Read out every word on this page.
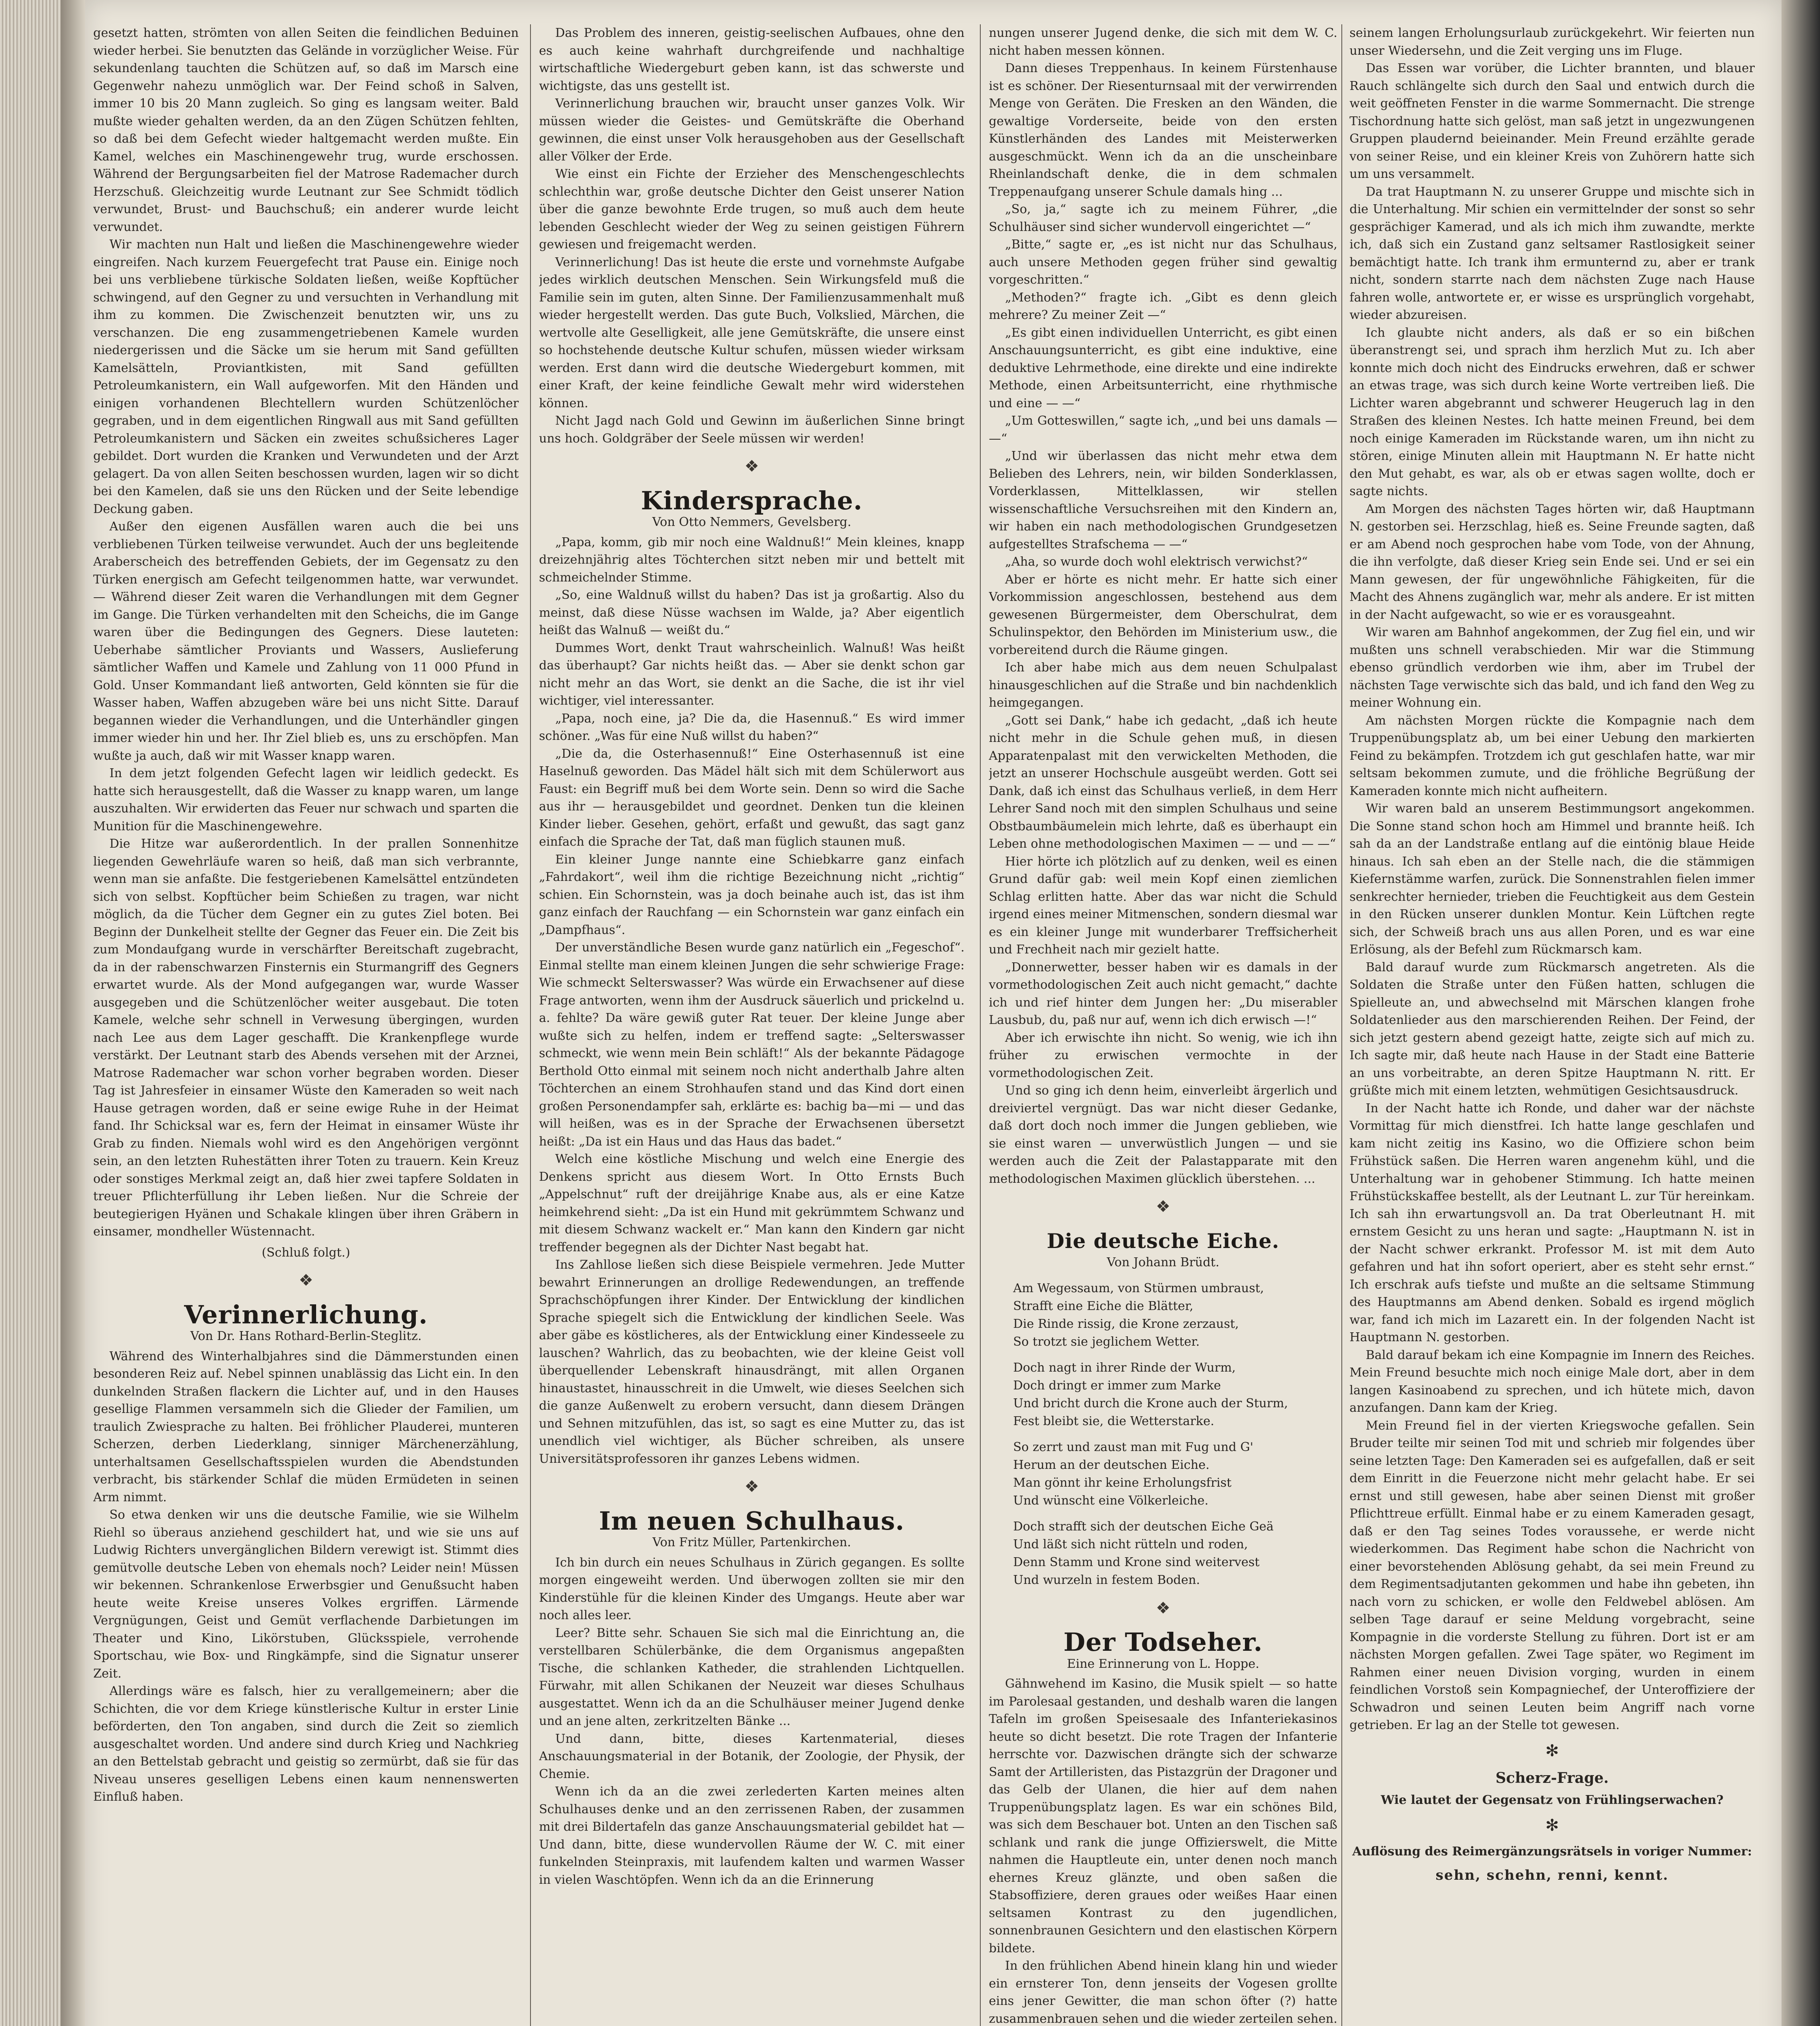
gesetzt hatten, strömten von allen Seiten die feindlichen Beduinen wieder herbei. Sie benutzten das Gelände in vorzüglicher Weise. Für sekundenlang tauchten die Schützen auf, so daß im Marsch eine Gegenwehr nahezu unmöglich war. Der Feind schoß in Salven, immer 10 bis 20 Mann zugleich. So ging es langsam weiter. Bald mußte wieder gehalten werden, da an den Zügen Schützen fehlten, so daß bei dem Gefecht wieder haltgemacht werden mußte. Ein Kamel, welches ein Maschinengewehr trug, wurde erschossen. Während der Bergungsarbeiten fiel der Matrose Rademacher durch Herzschuß. Gleichzeitig wurde Leutnant zur See Schmidt tödlich verwundet, Brust- und Bauchschuß; ein anderer wurde leicht verwundet.

Wir machten nun Halt und ließen die Maschinengewehre wieder eingreifen. Nach kurzem Feuergefecht trat Pause ein. Einige noch bei uns verbliebene türkische Soldaten ließen, weiße Kopftücher schwingend, auf den Gegner zu und versuchten in Verhandlung mit ihm zu kommen. Die Zwischenzeit benutzten wir, uns zu verschanzen. Die eng zusammengetriebenen Kamele wurden niedergerissen und die Säcke um sie herum mit Sand gefüllten Kamelsätteln, Proviantkisten, mit Sand gefüllten Petroleumkanistern, ein Wall aufgeworfen. Mit den Händen und einigen vorhandenen Blechtellern wurden Schützenlöcher gegraben, und in dem eigentlichen Ringwall aus mit Sand gefüllten Petroleumkanistern und Säcken ein zweites schußsicheres Lager gebildet. Dort wurden die Kranken und Verwundeten und der Arzt gelagert. Da von allen Seiten beschossen wurden, lagen wir so dicht bei den Kamelen, daß sie uns den Rücken und der Seite lebendige Deckung gaben.

Außer den eigenen Ausfällen waren auch die bei uns verbliebenen Türken teilweise verwundet. Auch der uns begleitende Araberscheich des betreffenden Gebiets, der im Gegensatz zu den Türken energisch am Gefecht teilgenommen hatte, war verwundet. — Während dieser Zeit waren die Verhandlungen mit dem Gegner im Gange. Die Türken verhandelten mit den Scheichs, die im Gange waren über die Bedingungen des Gegners. Diese lauteten: Ueberhabe sämtlicher Proviants und Wassers, Auslieferung sämtlicher Waffen und Kamele und Zahlung von 11 000 Pfund in Gold. Unser Kommandant ließ antworten, Geld könnten sie für die Wasser haben, Waffen abzugeben wäre bei uns nicht Sitte. Darauf begannen wieder die Verhandlungen, und die Unterhändler gingen immer wieder hin und her. Ihr Ziel blieb es, uns zu erschöpfen. Man wußte ja auch, daß wir mit Wasser knapp waren.

In dem jetzt folgenden Gefecht lagen wir leidlich gedeckt. Es hatte sich herausgestellt, daß die Wasser zu knapp waren, um lange auszuhalten. Wir erwiderten das Feuer nur schwach und sparten die Munition für die Maschinengewehre.

Die Hitze war außerordentlich. In der prallen Sonnenhitze liegenden Gewehrläufe waren so heiß, daß man sich verbrannte, wenn man sie anfaßte. Die festgeriebenen Kamelsättel entzündeten sich von selbst. Kopftücher beim Schießen zu tragen, war nicht möglich, da die Tücher dem Gegner ein zu gutes Ziel boten. Bei Beginn der Dunkelheit stellte der Gegner das Feuer ein. Die Zeit bis zum Mondaufgang wurde in verschärfter Bereitschaft zugebracht, da in der rabenschwarzen Finsternis ein Sturmangriff des Gegners erwartet wurde. Als der Mond aufgegangen war, wurde Wasser ausgegeben und die Schützenlöcher weiter ausgebaut. Die toten Kamele, welche sehr schnell in Verwesung übergingen, wurden nach Lee aus dem Lager geschafft. Die Krankenpflege wurde verstärkt. Der Leutnant starb des Abends versehen mit der Arznei, Matrose Rademacher war schon vorher begraben worden. Dieser Tag ist Jahresfeier in einsamer Wüste den Kameraden so weit nach Hause getragen worden, daß er seine ewige Ruhe in der Heimat fand. Ihr Schicksal war es, fern der Heimat in einsamer Wüste ihr Grab zu finden. Niemals wohl wird es den Angehörigen vergönnt sein, an den letzten Ruhestätten ihrer Toten zu trauern. Kein Kreuz oder sonstiges Merkmal zeigt an, daß hier zwei tapfere Soldaten in treuer Pflichterfüllung ihr Leben ließen. Nur die Schreie der beutegierigen Hyänen und Schakale klingen über ihren Gräbern in einsamer, mondheller Wüstennacht.

(Schluß folgt.)
❖
Verinnerlichung.
Von Dr. Hans Rothard-Berlin-Steglitz.

Während des Winterhalbjahres sind die Dämmerstunden einen besonderen Reiz auf. Nebel spinnen unablässig das Licht ein. In den dunkelnden Straßen flackern die Lichter auf, und in den Hauses gesellige Flammen versammeln sich die Glieder der Familien, um traulich Zwiesprache zu halten. Bei fröhlicher Plauderei, munteren Scherzen, derben Liederklang, sinniger Märchenerzählung, unterhaltsamen Gesellschaftsspielen wurden die Abendstunden verbracht, bis stärkender Schlaf die müden Ermüdeten in seinen Arm nimmt.

So etwa denken wir uns die deutsche Familie, wie sie Wilhelm Riehl so überaus anziehend geschildert hat, und wie sie uns auf Ludwig Richters unvergänglichen Bildern verewigt ist. Stimmt dies gemütvolle deutsche Leben von ehemals noch? Leider nein! Müssen wir bekennen. Schrankenlose Erwerbsgier und Genußsucht haben heute weite Kreise unseres Volkes ergriffen. Lärmende Vergnügungen, Geist und Gemüt verflachende Darbietungen im Theater und Kino, Likörstuben, Glücksspiele, verrohende Sportschau, wie Box- und Ringkämpfe, sind die Signatur unserer Zeit.

Allerdings wäre es falsch, hier zu verallgemeinern; aber die Schichten, die vor dem Kriege künstlerische Kultur in erster Linie beförderten, den Ton angaben, sind durch die Zeit so ziemlich ausgeschaltet worden. Und andere sind durch Krieg und Nachkrieg an den Bettelstab gebracht und geistig so zermürbt, daß sie für das Niveau unseres geselligen Lebens einen kaum nennenswerten Einfluß haben.

Das Problem des inneren, geistig-seelischen Aufbaues, ohne den es auch keine wahrhaft durchgreifende und nachhaltige wirtschaftliche Wiedergeburt geben kann, ist das schwerste und wichtigste, das uns gestellt ist.

Verinnerlichung brauchen wir, braucht unser ganzes Volk. Wir müssen wieder die Geistes- und Gemütskräfte die Oberhand gewinnen, die einst unser Volk herausgehoben aus der Gesellschaft aller Völker der Erde.

Wie einst ein Fichte der Erzieher des Menschengeschlechts schlechthin war, große deutsche Dichter den Geist unserer Nation über die ganze bewohnte Erde trugen, so muß auch dem heute lebenden Geschlecht wieder der Weg zu seinen geistigen Führern gewiesen und freigemacht werden.

Verinnerlichung! Das ist heute die erste und vornehmste Aufgabe jedes wirklich deutschen Menschen. Sein Wirkungsfeld muß die Familie sein im guten, alten Sinne. Der Familienzusammenhalt muß wieder hergestellt werden. Das gute Buch, Volkslied, Märchen, die wertvolle alte Geselligkeit, alle jene Gemütskräfte, die unsere einst so hochstehende deutsche Kultur schufen, müssen wieder wirksam werden. Erst dann wird die deutsche Wiedergeburt kommen, mit einer Kraft, der keine feindliche Gewalt mehr wird widerstehen können.

Nicht Jagd nach Gold und Gewinn im äußerlichen Sinne bringt uns hoch. Goldgräber der Seele müssen wir werden!

❖
Kindersprache.
Von Otto Nemmers, Gevelsberg.

„Papa, komm, gib mir noch eine Waldnuß!“ Mein kleines, knapp dreizehnjährig altes Töchterchen sitzt neben mir und bettelt mit schmeichelnder Stimme.

„So, eine Waldnuß willst du haben? Das ist ja großartig. Also du meinst, daß diese Nüsse wachsen im Walde, ja? Aber eigentlich heißt das Walnuß — weißt du.“

Dummes Wort, denkt Traut wahrscheinlich. Walnuß! Was heißt das überhaupt? Gar nichts heißt das. — Aber sie denkt schon gar nicht mehr an das Wort, sie denkt an die Sache, die ist ihr viel wichtiger, viel interessanter.

„Papa, noch eine, ja? Die da, die Hasennuß.“ Es wird immer schöner. „Was für eine Nuß willst du haben?“

„Die da, die Osterhasennuß!“ Eine Osterhasennuß ist eine Haselnuß geworden. Das Mädel hält sich mit dem Schülerwort aus Faust: ein Begriff muß bei dem Worte sein. Denn so wird die Sache aus ihr — herausgebildet und geordnet. Denken tun die kleinen Kinder lieber. Gesehen, gehört, erfaßt und gewußt, das sagt ganz einfach die Sprache der Tat, daß man füglich staunen muß.

Ein kleiner Junge nannte eine Schiebkarre ganz einfach „Fahrdakort“, weil ihm die richtige Bezeichnung nicht „richtig“ schien. Ein Schornstein, was ja doch beinahe auch ist, das ist ihm ganz einfach der Rauchfang — ein Schornstein war ganz einfach ein „Dampfhaus“.

Der unverständliche Besen wurde ganz natürlich ein „Fegeschof“. Einmal stellte man einem kleinen Jungen die sehr schwierige Frage: Wie schmeckt Selterswasser? Was würde ein Erwachsener auf diese Frage antworten, wenn ihm der Ausdruck säuerlich und prickelnd u. a. fehlte? Da wäre gewiß guter Rat teuer. Der kleine Junge aber wußte sich zu helfen, indem er treffend sagte: „Selterswasser schmeckt, wie wenn mein Bein schläft!“ Als der bekannte Pädagoge Berthold Otto einmal mit seinem noch nicht anderthalb Jahre alten Töchterchen an einem Strohhaufen stand und das Kind dort einen großen Personendampfer sah, erklärte es: bachig ba—mi — und das will heißen, was es in der Sprache der Erwachsenen übersetzt heißt: „Da ist ein Haus und das Haus das badet.“

Welch eine köstliche Mischung und welch eine Energie des Denkens spricht aus diesem Wort. In Otto Ernsts Buch „Appelschnut“ ruft der dreijährige Knabe aus, als er eine Katze heimkehrend sieht: „Da ist ein Hund mit gekrümmtem Schwanz und mit diesem Schwanz wackelt er.“ Man kann den Kindern gar nicht treffender begegnen als der Dichter Nast begabt hat.

Ins Zahllose ließen sich diese Beispiele vermehren. Jede Mutter bewahrt Erinnerungen an drollige Redewendungen, an treffende Sprachschöpfungen ihrer Kinder. Der Entwicklung der kindlichen Sprache spiegelt sich die Entwicklung der kindlichen Seele. Was aber gäbe es köstlicheres, als der Entwicklung einer Kindesseele zu lauschen? Wahrlich, das zu beobachten, wie der kleine Geist voll überquellender Lebenskraft hinausdrängt, mit allen Organen hinaustastet, hinausschreit in die Umwelt, wie dieses Seelchen sich die ganze Außenwelt zu erobern versucht, dann diesem Drängen und Sehnen mitzufühlen, das ist, so sagt es eine Mutter zu, das ist unendlich viel wichtiger, als Bücher schreiben, als unsere Universitätsprofessoren ihr ganzes Lebens widmen.

❖
Im neuen Schulhaus.
Von Fritz Müller, Partenkirchen.

Ich bin durch ein neues Schulhaus in Zürich gegangen. Es sollte morgen eingeweiht werden. Und überwogen zollten sie mir den Kinderstühle für die kleinen Kinder des Umgangs. Heute aber war noch alles leer.

Leer? Bitte sehr. Schauen Sie sich mal die Einrichtung an, die verstellbaren Schülerbänke, die dem Organismus angepaßten Tische, die schlanken Katheder, die strahlenden Lichtquellen. Fürwahr, mit allen Schikanen der Neuzeit war dieses Schulhaus ausgestattet. Wenn ich da an die Schulhäuser meiner Jugend denke und an jene alten, zerkritzelten Bänke ...

Und dann, bitte, dieses Kartenmaterial, dieses Anschauungsmaterial in der Botanik, der Zoologie, der Physik, der Chemie.

Wenn ich da an die zwei zerlederten Karten meines alten Schulhauses denke und an den zerrissenen Raben, der zusammen mit drei Bildertafeln das ganze Anschauungsmaterial gebildet hat — Und dann, bitte, diese wundervollen Räume der W. C. mit einer funkelnden Steinpraxis, mit laufendem kalten und warmen Wasser in vielen Waschtöpfen. Wenn ich da an die Erinnerung

nungen unserer Jugend denke, die sich mit dem W. C. nicht haben messen können.

Dann dieses Treppenhaus. In keinem Fürstenhause ist es schöner. Der Riesenturnsaal mit der verwirrenden Menge von Geräten. Die Fresken an den Wänden, die gewaltige Vorderseite, beide von den ersten Künstlerhänden des Landes mit Meisterwerken ausgeschmückt. Wenn ich da an die unscheinbare Rheinlandschaft denke, die in dem schmalen Treppenaufgang unserer Schule damals hing ...

„So, ja,“ sagte ich zu meinem Führer, „die Schulhäuser sind sicher wundervoll eingerichtet —“

„Bitte,“ sagte er, „es ist nicht nur das Schulhaus, auch unsere Methoden gegen früher sind gewaltig vorgeschritten.“

„Methoden?“ fragte ich. „Gibt es denn gleich mehrere? Zu meiner Zeit —“

„Es gibt einen individuellen Unterricht, es gibt einen Anschauungsunterricht, es gibt eine induktive, eine deduktive Lehrmethode, eine direkte und eine indirekte Methode, einen Arbeitsunterricht, eine rhythmische und eine — —“

„Um Gotteswillen,“ sagte ich, „und bei uns damals — —“

„Und wir überlassen das nicht mehr etwa dem Belieben des Lehrers, nein, wir bilden Sonderklassen, Vorderklassen, Mittelklassen, wir stellen wissenschaftliche Versuchsreihen mit den Kindern an, wir haben ein nach methodologischen Grundgesetzen aufgestelltes Strafschema — —“

„Aha, so wurde doch wohl elektrisch verwichst?“

Aber er hörte es nicht mehr. Er hatte sich einer Vorkommission angeschlossen, bestehend aus dem gewesenen Bürgermeister, dem Oberschulrat, dem Schulinspektor, den Behörden im Ministerium usw., die vorbereitend durch die Räume gingen.

Ich aber habe mich aus dem neuen Schulpalast hinausgeschlichen auf die Straße und bin nachdenklich heimgegangen.

„Gott sei Dank,“ habe ich gedacht, „daß ich heute nicht mehr in die Schule gehen muß, in diesen Apparatenpalast mit den verwickelten Methoden, die jetzt an unserer Hochschule ausgeübt werden. Gott sei Dank, daß ich einst das Schulhaus verließ, in dem Herr Lehrer Sand noch mit den simplen Schulhaus und seine Obstbaumbäumelein mich lehrte, daß es überhaupt ein Leben ohne methodologischen Maximen — — und — —“

Hier hörte ich plötzlich auf zu denken, weil es einen Grund dafür gab: weil mein Kopf einen ziemlichen Schlag erlitten hatte. Aber das war nicht die Schuld irgend eines meiner Mitmenschen, sondern diesmal war es ein kleiner Junge mit wunderbarer Treffsicherheit und Frechheit nach mir gezielt hatte.

„Donnerwetter, besser haben wir es damals in der vormethodologischen Zeit auch nicht gemacht,“ dachte ich und rief hinter dem Jungen her: „Du miserabler Lausbub, du, paß nur auf, wenn ich dich erwisch —!“

Aber ich erwischte ihn nicht. So wenig, wie ich ihn früher zu erwischen vermochte in der vormethodologischen Zeit.

Und so ging ich denn heim, einverleibt ärgerlich und dreiviertel vergnügt. Das war nicht dieser Gedanke, daß dort doch noch immer die Jungen geblieben, wie sie einst waren — unverwüstlich Jungen — und sie werden auch die Zeit der Palastapparate mit den methodologischen Maximen glücklich überstehen. ...

❖
Die deutsche Eiche.
Von Johann Brüdt.
Am Wegessaum, von Stürmen umbraust,
Strafft eine Eiche die Blätter,
Die Rinde rissig, die Krone zerzaust,
So trotzt sie jeglichem Wetter.
Doch nagt in ihrer Rinde der Wurm,
Doch dringt er immer zum Marke
Und bricht durch die Krone auch der Sturm,
Fest bleibt sie, die Wetterstarke.
So zerrt und zaust man mit Fug und G'
Herum an der deutschen Eiche.
Man gönnt ihr keine Erholungsfrist
Und wünscht eine Völkerleiche.
Doch strafft sich der deutschen Eiche Geä
Und läßt sich nicht rütteln und roden,
Denn Stamm und Krone sind weitervest
Und wurzeln in festem Boden.
❖
Der Todseher.
Eine Erinnerung von L. Hoppe.

Gähnwehend im Kasino, die Musik spielt — so hatte im Parolesaal gestanden, und deshalb waren die langen Tafeln im großen Speisesaale des Infanteriekasinos heute so dicht besetzt. Die rote Tragen der Infanterie herrschte vor. Dazwischen drängte sich der schwarze Samt der Artilleristen, das Pistazgrün der Dragoner und das Gelb der Ulanen, die hier auf dem nahen Truppenübungsplatz lagen. Es war ein schönes Bild, was sich dem Beschauer bot. Unten an den Tischen saß schlank und rank die junge Offizierswelt, die Mitte nahmen die Hauptleute ein, unter denen noch manch ehernes Kreuz glänzte, und oben saßen die Stabsoffiziere, deren graues oder weißes Haar einen seltsamen Kontrast zu den jugendlichen, sonnenbraunen Gesichtern und den elastischen Körpern bildete.

In den frühlichen Abend hinein klang hin und wieder ein ernsterer Ton, denn jenseits der Vogesen grollte eins jener Gewitter, die man schon öfter (?) hatte zusammenbrauen sehen und die wieder zerteilen sehen.

seinem langen Erholungsurlaub zurückgekehrt. Wir feierten nun unser Wiedersehn, und die Zeit verging uns im Fluge.

Das Essen war vorüber, die Lichter brannten, und blauer Rauch schlängelte sich durch den Saal und entwich durch die weit geöffneten Fenster in die warme Sommernacht. Die strenge Tischordnung hatte sich gelöst, man saß jetzt in ungezwungenen Gruppen plaudernd beieinander. Mein Freund erzählte gerade von seiner Reise, und ein kleiner Kreis von Zuhörern hatte sich um uns versammelt.

Da trat Hauptmann N. zu unserer Gruppe und mischte sich in die Unterhaltung. Mir schien ein vermittelnder der sonst so sehr gesprächiger Kamerad, und als ich mich ihm zuwandte, merkte ich, daß sich ein Zustand ganz seltsamer Rastlosigkeit seiner bemächtigt hatte. Ich trank ihm ermunternd zu, aber er trank nicht, sondern starrte nach dem nächsten Zuge nach Hause fahren wolle, antwortete er, er wisse es ursprünglich vorgehabt, wieder abzureisen.

Ich glaubte nicht anders, als daß er so ein bißchen überanstrengt sei, und sprach ihm herzlich Mut zu. Ich aber konnte mich doch nicht des Eindrucks erwehren, daß er schwer an etwas trage, was sich durch keine Worte vertreiben ließ. Die Lichter waren abgebrannt und schwerer Heugeruch lag in den Straßen des kleinen Nestes. Ich hatte meinen Freund, bei dem noch einige Kameraden im Rückstande waren, um ihn nicht zu stören, einige Minuten allein mit Hauptmann N. Er hatte nicht den Mut gehabt, es war, als ob er etwas sagen wollte, doch er sagte nichts.

Am Morgen des nächsten Tages hörten wir, daß Hauptmann N. gestorben sei. Herzschlag, hieß es. Seine Freunde sagten, daß er am Abend noch gesprochen habe vom Tode, von der Ahnung, die ihn verfolgte, daß dieser Krieg sein Ende sei. Und er sei ein Mann gewesen, der für ungewöhnliche Fähigkeiten, für die Macht des Ahnens zugänglich war, mehr als andere. Er ist mitten in der Nacht aufgewacht, so wie er es vorausgeahnt.

Wir waren am Bahnhof angekommen, der Zug fiel ein, und wir mußten uns schnell verabschieden. Mir war die Stimmung ebenso gründlich verdorben wie ihm, aber im Trubel der nächsten Tage verwischte sich das bald, und ich fand den Weg zu meiner Wohnung ein.

Am nächsten Morgen rückte die Kompagnie nach dem Truppenübungsplatz ab, um bei einer Uebung den markierten Feind zu bekämpfen. Trotzdem ich gut geschlafen hatte, war mir seltsam bekommen zumute, und die fröhliche Begrüßung der Kameraden konnte mich nicht aufheitern.

Wir waren bald an unserem Bestimmungsort angekommen. Die Sonne stand schon hoch am Himmel und brannte heiß. Ich sah da an der Landstraße entlang auf die eintönig blaue Heide hinaus. Ich sah eben an der Stelle nach, die die stämmigen Kiefernstämme warfen, zurück. Die Sonnenstrahlen fielen immer senkrechter hernieder, trieben die Feuchtigkeit aus dem Gestein in den Rücken unserer dunklen Montur. Kein Lüftchen regte sich, der Schweiß brach uns aus allen Poren, und es war eine Erlösung, als der Befehl zum Rückmarsch kam.

Bald darauf wurde zum Rückmarsch angetreten. Als die Soldaten die Straße unter den Füßen hatten, schlugen die Spielleute an, und abwechselnd mit Märschen klangen frohe Soldatenlieder aus den marschierenden Reihen. Der Feind, der sich jetzt gestern abend gezeigt hatte, zeigte sich auf mich zu. Ich sagte mir, daß heute nach Hause in der Stadt eine Batterie an uns vorbeitrabte, an deren Spitze Hauptmann N. ritt. Er grüßte mich mit einem letzten, wehmütigen Gesichtsausdruck.

In der Nacht hatte ich Ronde, und daher war der nächste Vormittag für mich dienstfrei. Ich hatte lange geschlafen und kam nicht zeitig ins Kasino, wo die Offiziere schon beim Frühstück saßen. Die Herren waren angenehm kühl, und die Unterhaltung war in gehobener Stimmung. Ich hatte meinen Frühstückskaffee bestellt, als der Leutnant L. zur Tür hereinkam. Ich sah ihn erwartungsvoll an. Da trat Oberleutnant H. mit ernstem Gesicht zu uns heran und sagte: „Hauptmann N. ist in der Nacht schwer erkrankt. Professor M. ist mit dem Auto gefahren und hat ihn sofort operiert, aber es steht sehr ernst.“ Ich erschrak aufs tiefste und mußte an die seltsame Stimmung des Hauptmanns am Abend denken. Sobald es irgend möglich war, fand ich mich im Lazarett ein. In der folgenden Nacht ist Hauptmann N. gestorben.

Bald darauf bekam ich eine Kompagnie im Innern des Reiches. Mein Freund besuchte mich noch einige Male dort, aber in dem langen Kasinoabend zu sprechen, und ich hütete mich, davon anzufangen. Dann kam der Krieg.

Mein Freund fiel in der vierten Kriegswoche gefallen. Sein Bruder teilte mir seinen Tod mit und schrieb mir folgendes über seine letzten Tage: Den Kameraden sei es aufgefallen, daß er seit dem Einritt in die Feuerzone nicht mehr gelacht habe. Er sei ernst und still gewesen, habe aber seinen Dienst mit großer Pflichttreue erfüllt. Einmal habe er zu einem Kameraden gesagt, daß er den Tag seines Todes voraussehe, er werde nicht wiederkommen. Das Regiment habe schon die Nachricht von einer bevorstehenden Ablösung gehabt, da sei mein Freund zu dem Regimentsadjutanten gekommen und habe ihn gebeten, ihn nach vorn zu schicken, er wolle den Feldwebel ablösen. Am selben Tage darauf er seine Meldung vorgebracht, seine Kompagnie in die vorderste Stellung zu führen. Dort ist er am nächsten Morgen gefallen. Zwei Tage später, wo Regiment im Rahmen einer neuen Division vorging, wurden in einem feindlichen Vorstoß sein Kompagniechef, der Unteroffiziere der Schwadron und seinen Leuten beim Angriff nach vorne getrieben. Er lag an der Stelle tot gewesen.

✻
Scherz-Frage.
Wie lautet der Gegensatz von Frühlingserwachen?
✻
Auflösung des Reimergänzungsrätsels in voriger Nummer:
sehn, schehn, renni, kennt.
